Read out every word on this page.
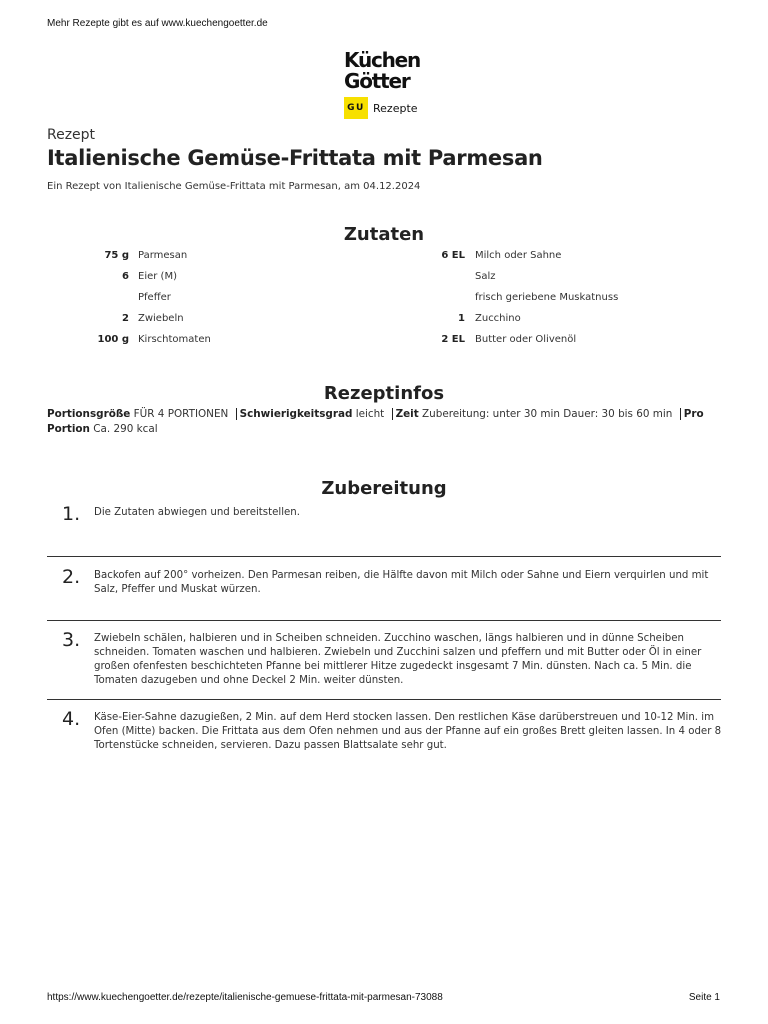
Mehr Rezepte gibt es auf www.kuechengoetter.de
Küchen
Götter
GU Rezepte
Rezept
Italienische Gemüse-Frittata mit Parmesan
Ein Rezept von Italienische Gemüse-Frittata mit Parmesan, am 04.12.2024
Zutaten
75 g Parmesan
6 Eier (M)
Pfeffer
2 Zwiebeln
100 g Kirschtomaten
6 EL Milch oder Sahne
Salz
frisch geriebene Muskatnuss
1 Zucchino
2 EL Butter oder Olivenöl
Rezeptinfos
Portionsgröße FÜR 4 PORTIONEN Schwierigkeitsgrad leicht Zeit Zubereitung: unter 30 min Dauer: 30 bis 60 min Pro Portion Ca. 290 kcal
Zubereitung
1. Die Zutaten abwiegen und bereitstellen.
2. Backofen auf 200° vorheizen. Den Parmesan reiben, die Hälfte davon mit Milch oder Sahne und Eiern verquirlen und mit Salz, Pfeffer und Muskat würzen.
3. Zwiebeln schälen, halbieren und in Scheiben schneiden. Zucchino waschen, längs halbieren und in dünne Scheiben schneiden. Tomaten waschen und halbieren. Zwiebeln und Zucchini salzen und pfeffern und mit Butter oder Öl in einer großen ofenfesten beschichteten Pfanne bei mittlerer Hitze zugedeckt insgesamt 7 Min. dünsten. Nach ca. 5 Min. die Tomaten dazugeben und ohne Deckel 2 Min. weiter dünsten.
4. Käse-Eier-Sahne dazugießen, 2 Min. auf dem Herd stocken lassen. Den restlichen Käse darüberstreuen und 10-12 Min. im Ofen (Mitte) backen. Die Frittata aus dem Ofen nehmen und aus der Pfanne auf ein großes Brett gleiten lassen. In 4 oder 8 Tortenstücke schneiden, servieren. Dazu passen Blattsalate sehr gut.
https://www.kuechengoetter.de/rezepte/italienische-gemuese-frittata-mit-parmesan-73088	Seite 1
